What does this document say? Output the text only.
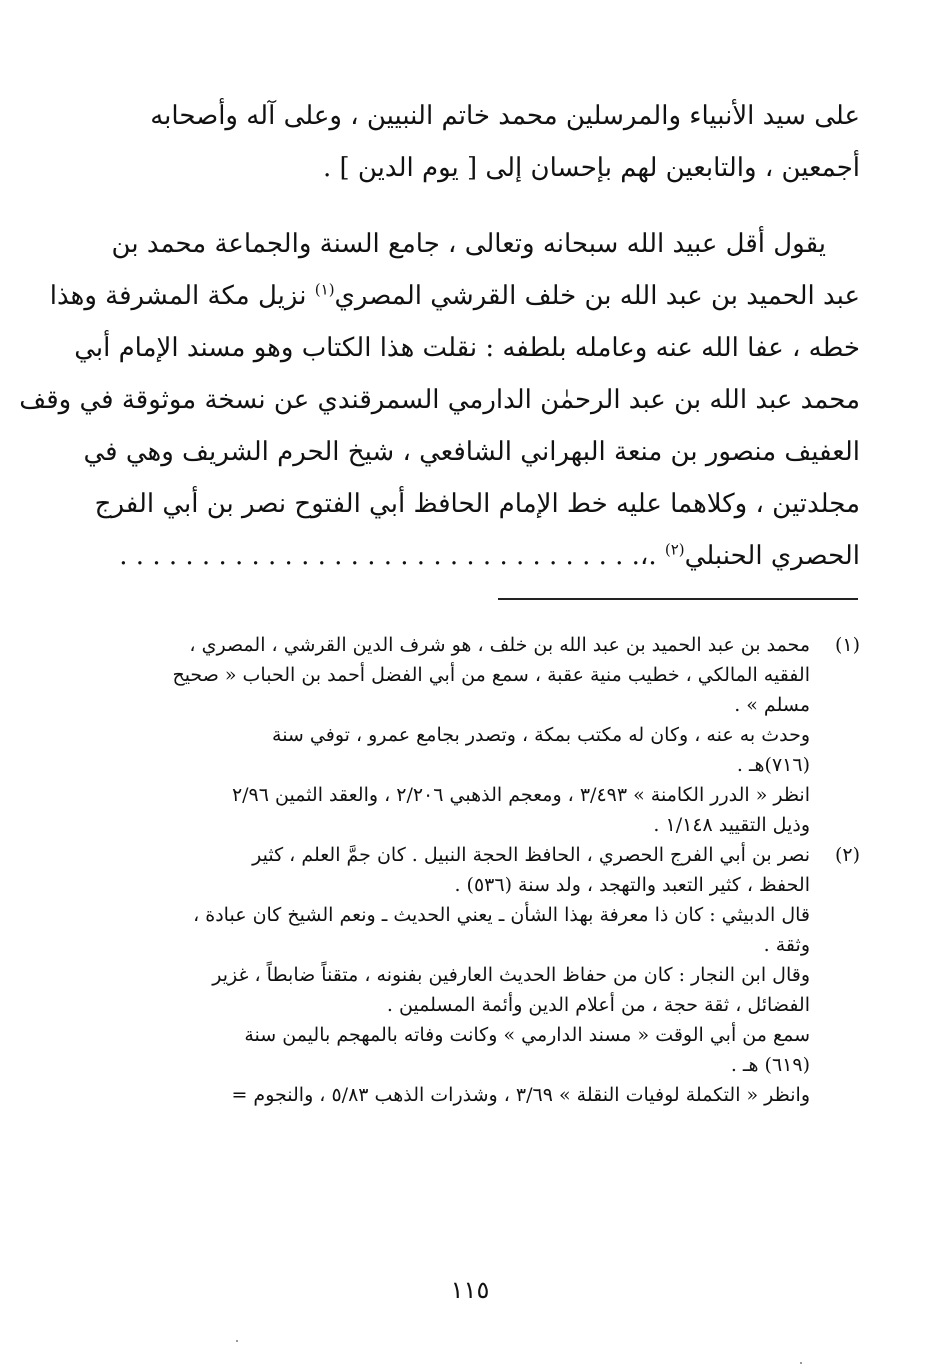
على سيد الأنبياء والمرسلين محمد خاتم النبيين ، وعلى آله وأصحابه
أجمعين ، والتابعين لهم بإحسان إلى [ يوم الدين ] .
يقول أقل عبيد الله سبحانه وتعالى ، جامع السنة والجماعة محمد بن
عبد الحميد بن عبد الله بن خلف القرشي المصري$^{(١)}$ نزيل مكة المشرفة وهذا
خطه ، عفا الله عنه وعامله بلطفه : نقلت هذا الكتاب وهو مسند الإمام أبي
محمد عبد الله بن عبد الرحمٰن الدارمي السمرقندي عن نسخة موثوقة في وقف
العفيف منصور بن منعة البهراني الشافعي ، شيخ الحرم الشريف وهي في
مجلدتين ، وكلاهما عليه خط الإمام الحافظ أبي الفتوح نصر بن أبي الفرج
الحصري الحنبلي$^{(٢)}$ .،. . . . . . . . . . . . . . . . . . . . . . . . . . . . . . . .
(١)
محمد بن عبد الحميد بن عبد الله بن خلف ، هو شرف الدين القرشي ، المصري ،
الفقيه المالكي ، خطيب منية عقبة ، سمع من أبي الفضل أحمد بن الحباب « صحيح
مسلم » .
وحدث به عنه ، وكان له مكتب بمكة ، وتصدر بجامع عمرو ، توفي سنة
(٧١٦)هـ .
انظر « الدرر الكامنة » ٣/٤٩٣ ، ومعجم الذهبي ٢/٢٠٦ ، والعقد الثمين ٢/٩٦
وذيل التقييد ١/١٤٨ .
(٢)
نصر بن أبي الفرج الحصري ، الحافظ الحجة النبيل . كان جمَّ العلم ، كثير
الحفظ ، كثير التعبد والتهجد ، ولد سنة (٥٣٦) .
قال الدبيثي : كان ذا معرفة بهذا الشأن ـ يعني الحديث ـ ونعم الشيخ كان عبادة ،
وثقة .
وقال ابن النجار : كان من حفاظ الحديث العارفين بفنونه ، متقناً ضابطاً ، غزير
الفضائل ، ثقة حجة ، من أعلام الدين وأئمة المسلمين .
سمع من أبي الوقت « مسند الدارمي » وكانت وفاته بالمهجم باليمن سنة
(٦١٩) هـ .
وانظر « التكملة لوفيات النقلة » ٣/٦٩ ، وشذرات الذهب ٥/٨٣ ، والنجوم =
١١٥
